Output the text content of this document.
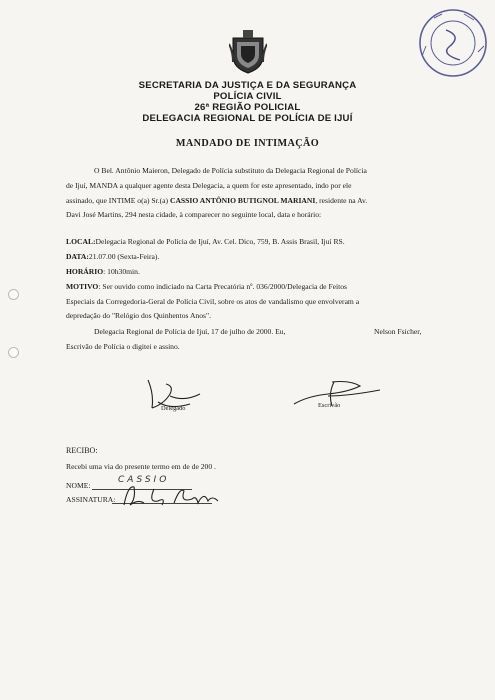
SECRETARIA DA JUSTIÇA E DA SEGURANÇA
POLÍCIA CIVIL
26ª REGIÃO POLICIAL
DELEGACIA REGIONAL DE POLÍCIA DE IJUÍ
MANDADO DE INTIMAÇÃO
O Bel. Antônio Maieron, Delegado de Polícia substituto da Delegacia Regional de Polícia
de Ijuí, MANDA a qualquer agente desta Delegacia, a quem for este apresentado, indo por ele
assinado, que INTIME o(a) Sr.(a) CASSIO ANTÔNIO BUTIGNOL MARIANI, residente na Av.
Davi José Martins, 294 nesta cidade, à comparecer no seguinte local, data e horário:
LOCAL:Delegacia Regional de Polícia de Ijuí, Av. Cel. Dico, 759, B. Assis Brasil, Ijuí RS.
DATA:21.07.00 (Sexta-Feira).
HORÁRIO: 10h30min.
MOTIVO: Ser ouvido como indiciado na Carta Precatória nº. 036/2000/Delegacia de Feitos
Especiais da Corregedoria-Geral de Polícia Civil, sobre os atos de vandalismo que envolveram a
depredação do "Relógio dos Quinhentos Anos".
Delegacia Regional de Polícia de Ijuí, 17 de julho de 2000. Eu,	Nelson Fsicher,
Escrivão de Polícia o digitei e assino.
Delegado	Escrivão
RECIBO:
Recebi uma via do presente termo em de de 200 .
NOME:
CASSIO
ASSINATURA:
